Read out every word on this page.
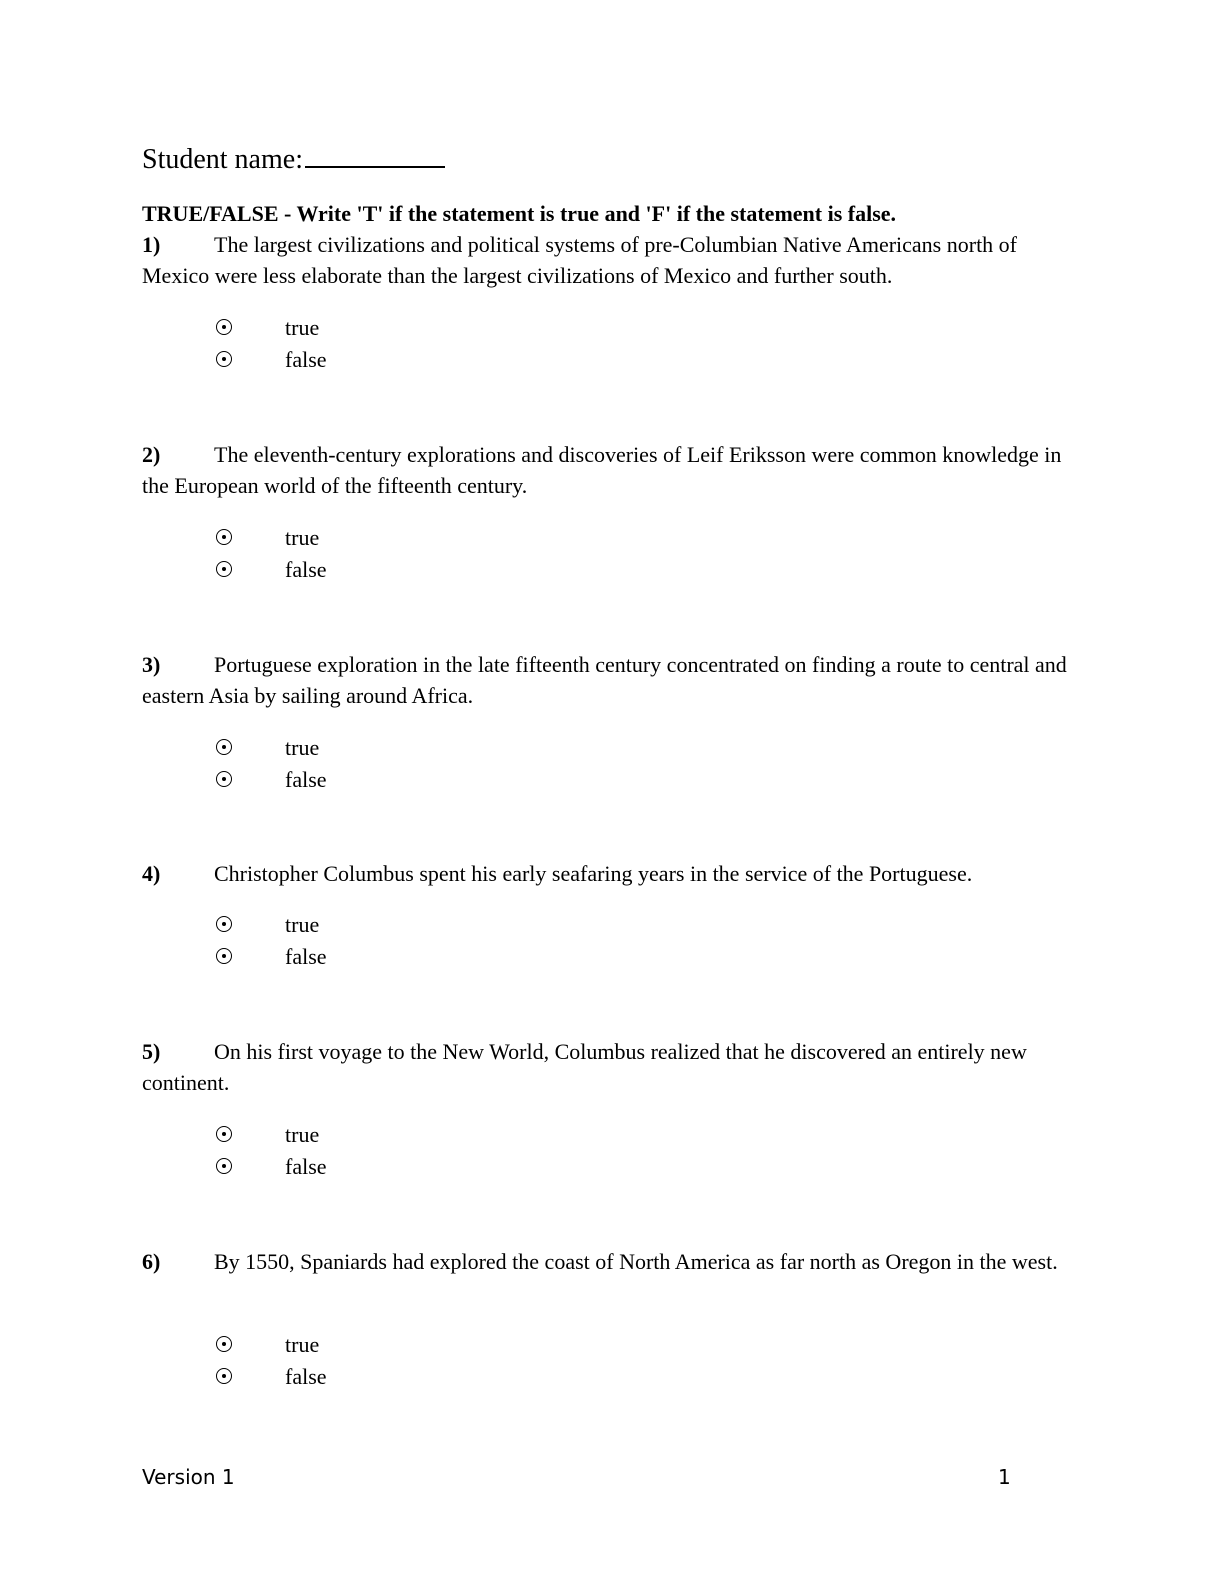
Student name:
TRUE/FALSE - Write 'T' if the statement is true and 'F' if the statement is false.
1) The largest civilizations and political systems of pre-Columbian Native Americans north of Mexico were less elaborate than the largest civilizations of Mexico and further south.
true
false
2) The eleventh-century explorations and discoveries of Leif Eriksson were common knowledge in the European world of the fifteenth century.
true
false
3) Portuguese exploration in the late fifteenth century concentrated on finding a route to central and eastern Asia by sailing around Africa.
true
false
4) Christopher Columbus spent his early seafaring years in the service of the Portuguese.
true
false
5) On his first voyage to the New World, Columbus realized that he discovered an entirely new continent.
true
false
6) By 1550, Spaniards had explored the coast of North America as far north as Oregon in the west.
true
false
Version 1	1
